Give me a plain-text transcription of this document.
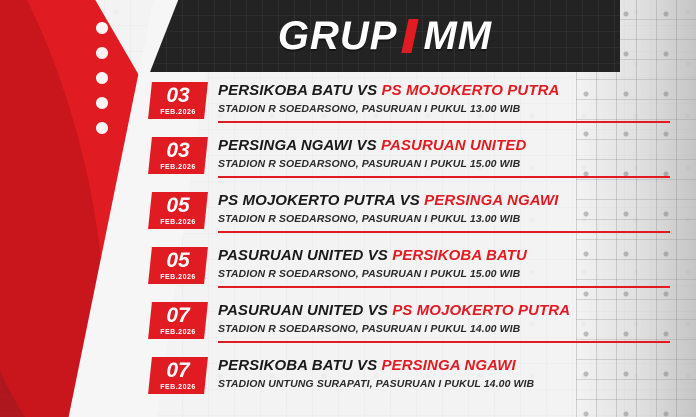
GRUP MM
03
FEB.2026
PERSIKOBA BATU VS PS MOJOKERTO PUTRA
STADION R SOEDARSONO, PASURUAN I PUKUL 13.00 WIB
03
FEB.2026
PERSINGA NGAWI VS PASURUAN UNITED
STADION R SOEDARSONO, PASURUAN I PUKUL 15.00 WIB
05
FEB.2026
PS MOJOKERTO PUTRA VS PERSINGA NGAWI
STADION R SOEDARSONO, PASURUAN I PUKUL 13.00 WIB
05
FEB.2026
PASURUAN UNITED VS PERSIKOBA BATU
STADION R SOEDARSONO, PASURUAN I PUKUL 15.00 WIB
07
FEB.2026
PASURUAN UNITED VS PS MOJOKERTO PUTRA
STADION R SOEDARSONO, PASURUAN I PUKUL 14.00 WIB
07
FEB.2026
PERSIKOBA BATU VS PERSINGA NGAWI
STADION UNTUNG SURAPATI, PASURUAN I PUKUL 14.00 WIB
